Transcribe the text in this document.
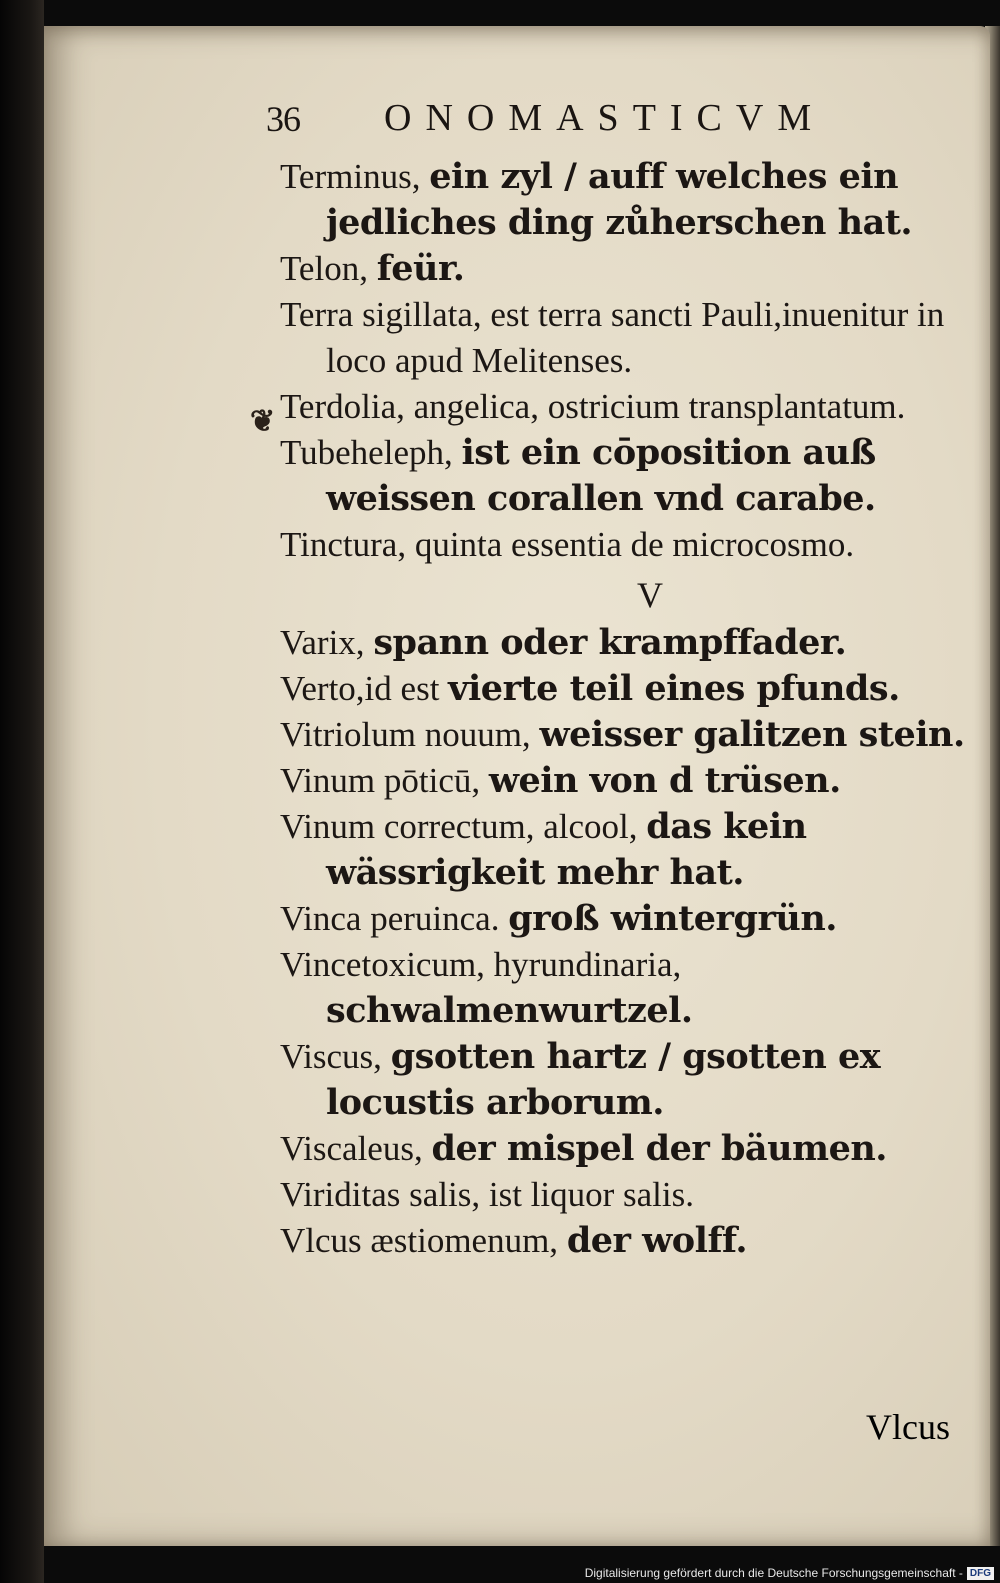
36 ONOMASTICVM
❦

Terminus, ein zyl / auff welches ein jedliches ding zůherschen hat.

Telon, feür.

Terra sigillata, est terra sancti Pauli,inuenitur in loco apud Melitenses.

Terdolia, angelica, ostricium transplantatum.

Tubeheleph, ist ein cōposition auß weissen corallen vnd carabe.

Tinctura, quinta essentia de microcosmo.

V

Varix, spann oder krampffader.

Verto,id est vierte teil eines pfunds.

Vitriolum nouum, weisser galitzen stein.

Vinum pōticū, wein von d trüsen.

Vinum correctum, alcool, das kein wässrigkeit mehr hat.

Vinca peruinca. groß wintergrün.

Vincetoxicum, hyrundinaria, schwalmenwurtzel.

Viscus, gsotten hartz / gsotten ex locustis arborum.

Viscaleus, der mispel der bäumen.

Viriditas salis, ist liquor salis.

Vlcus æstiomenum, der wolff.

Vlcus
Digitalisierung gefördert durch die Deutsche Forschungsgemeinschaft - DFG
